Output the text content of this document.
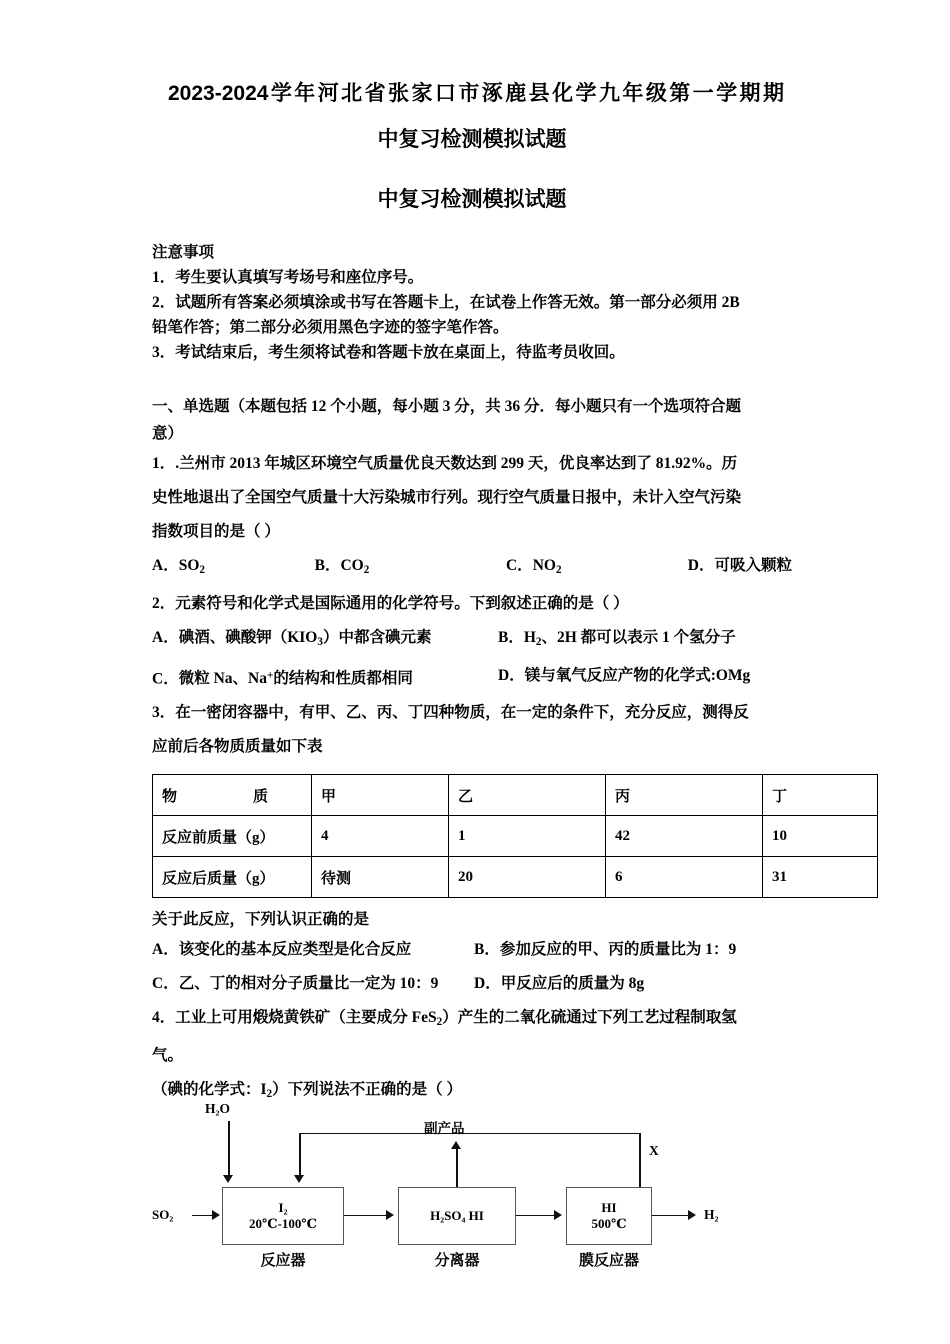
2023-2024学年河北省张家口市涿鹿县化学九年级第一学期期
中复习检测模拟试题
中复习检测模拟试题

注意事项

1．考生要认真填写考场号和座位序号。

2．试题所有答案必须填涂或书写在答题卡上，在试卷上作答无效。第一部分必须用 2B

铅笔作答；第二部分必须用黑色字迹的签字笔作答。

3．考试结束后，考生须将试卷和答题卡放在桌面上，待监考员收回。

一、单选题（本题包括 12 个小题，每小题 3 分，共 36 分．每小题只有一个选项符合题
意）

1．.兰州市 2013 年城区环境空气质量优良天数达到 299 天，优良率达到了 81.92%。历

史性地退出了全国空气质量十大污染城市行列。现行空气质量日报中，未计入空气污染

指数项目的是（ ）

A．$SO_2$	B．$CO_2$	C．$NO_2$	D．可吸入颗粒

2．元素符号和化学式是国际通用的化学符号。下到叙述正确的是（ ）

A．碘酒、碘酸钾$(KIO_3)$中都含碘元素	B．$H_2$、2H 都可以表示 1 个氢分子
C．微粒 Na、Na+的结构和性质都相同	D．镁与氧气反应产物的化学式:OMg

3．在一密闭容器中，有甲、乙、丙、丁四种物质，在一定的条件下，充分反应，测得反

应前后各物质质量如下表

物 质	甲	乙	丙	丁
反应前质量（g）	4	1	42	10
反应后质量（g）	待测	20	6	31

关于此反应，下列认识正确的是

A．该变化的基本反应类型是化合反应	B．参加反应的甲、丙的质量比为 1：9
C．乙、丁的相对分子质量比一定为 10：9	D．甲反应后的质量为 8g

4．工业上可用煅烧黄铁矿（主要成分 FeS$_2$）产生的二氧化硫通过下列工艺过程制取氢

气。

（碘的化学式：$I_2$）下列说法不正确的是（ ）

X
H₂O
SO₂	I₂
20℃-100℃
反应器
H₂SO₄ HI
分离器
副产品
HI
500℃
膜反应器
H₂
